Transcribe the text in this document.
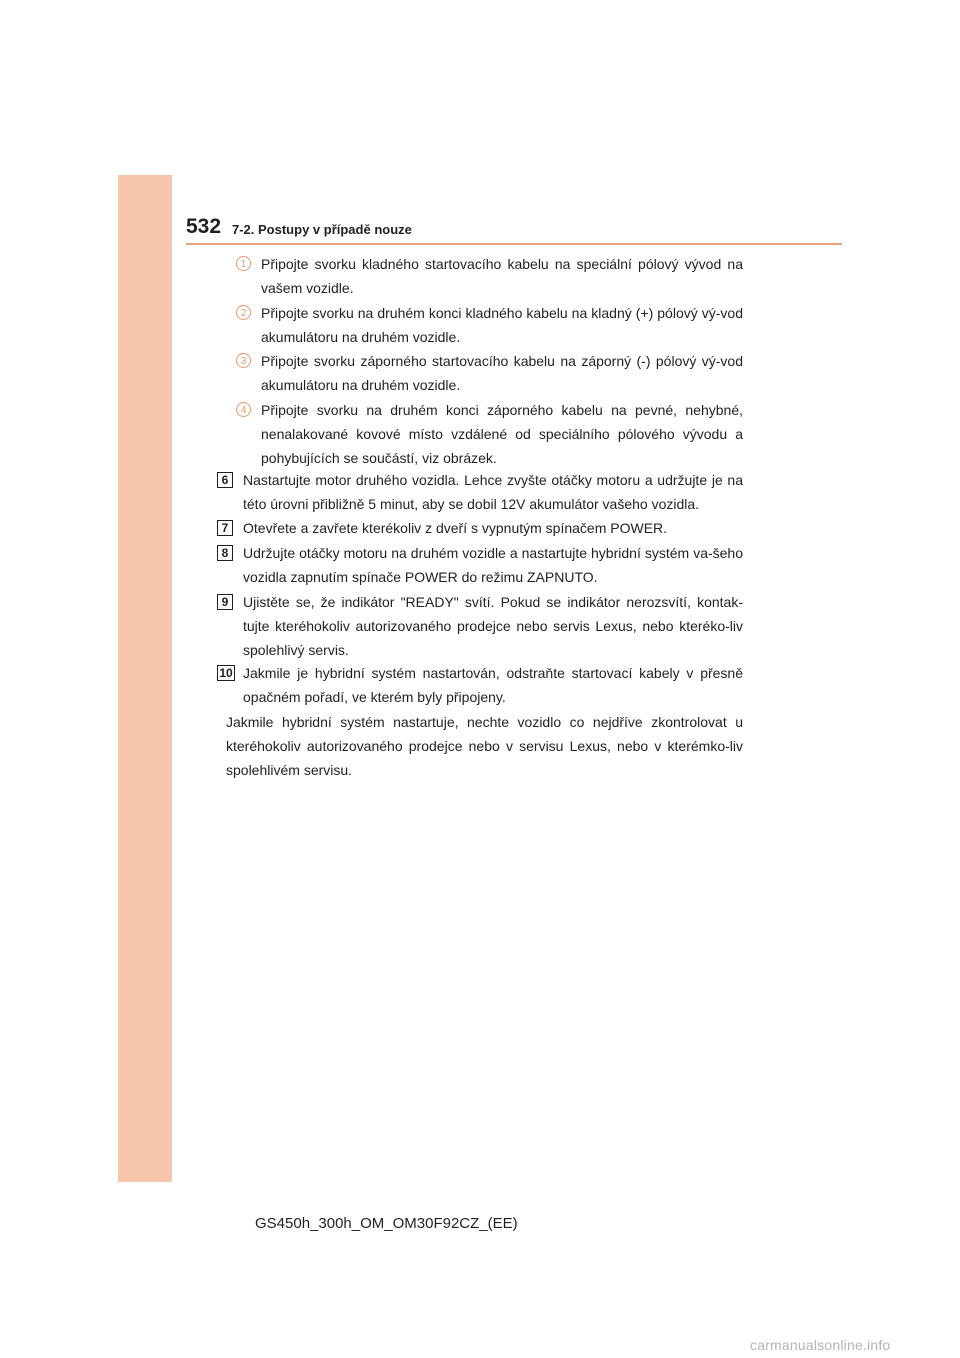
532 7-2. Postupy v případě nouze
1	Připojte svorku kladného startovacího kabelu na speciální pólový vývod na vašem vozidle.
2	Připojte svorku na druhém konci kladného kabelu na kladný (+) pólový vý-vod akumulátoru na druhém vozidle.
3	Připojte svorku záporného startovacího kabelu na záporný (-) pólový vý-vod akumulátoru na druhém vozidle.
4	Připojte svorku na druhém konci záporného kabelu na pevné, nehybné, nenalakované kovové místo vzdálené od speciálního pólového vývodu a pohybujících se součástí, viz obrázek.
6	Nastartujte motor druhého vozidla. Lehce zvyšte otáčky motoru a udržujte je na této úrovni přibližně 5 minut, aby se dobil 12V akumulátor vašeho vozidla.
7	Otevřete a zavřete kterékoliv z dveří s vypnutým spínačem POWER.
8	Udržujte otáčky motoru na druhém vozidle a nastartujte hybridní systém va-šeho vozidla zapnutím spínače POWER do režimu ZAPNUTO.
9	Ujistěte se, že indikátor "READY" svítí. Pokud se indikátor nerozsvítí, kontak-tujte kteréhokoliv autorizovaného prodejce nebo servis Lexus, nebo kteréko-liv spolehlivý servis.
10 Jakmile je hybridní systém nastartován, odstraňte startovací kabely v přesně opačném pořadí, ve kterém byly připojeny.
Jakmile hybridní systém nastartuje, nechte vozidlo co nejdříve zkontrolovat u kteréhokoliv autorizovaného prodejce nebo v servisu Lexus, nebo v kterémko-liv spolehlivém servisu.
GS450h_300h_OM_OM30F92CZ_(EE)
carmanualsonline.info
